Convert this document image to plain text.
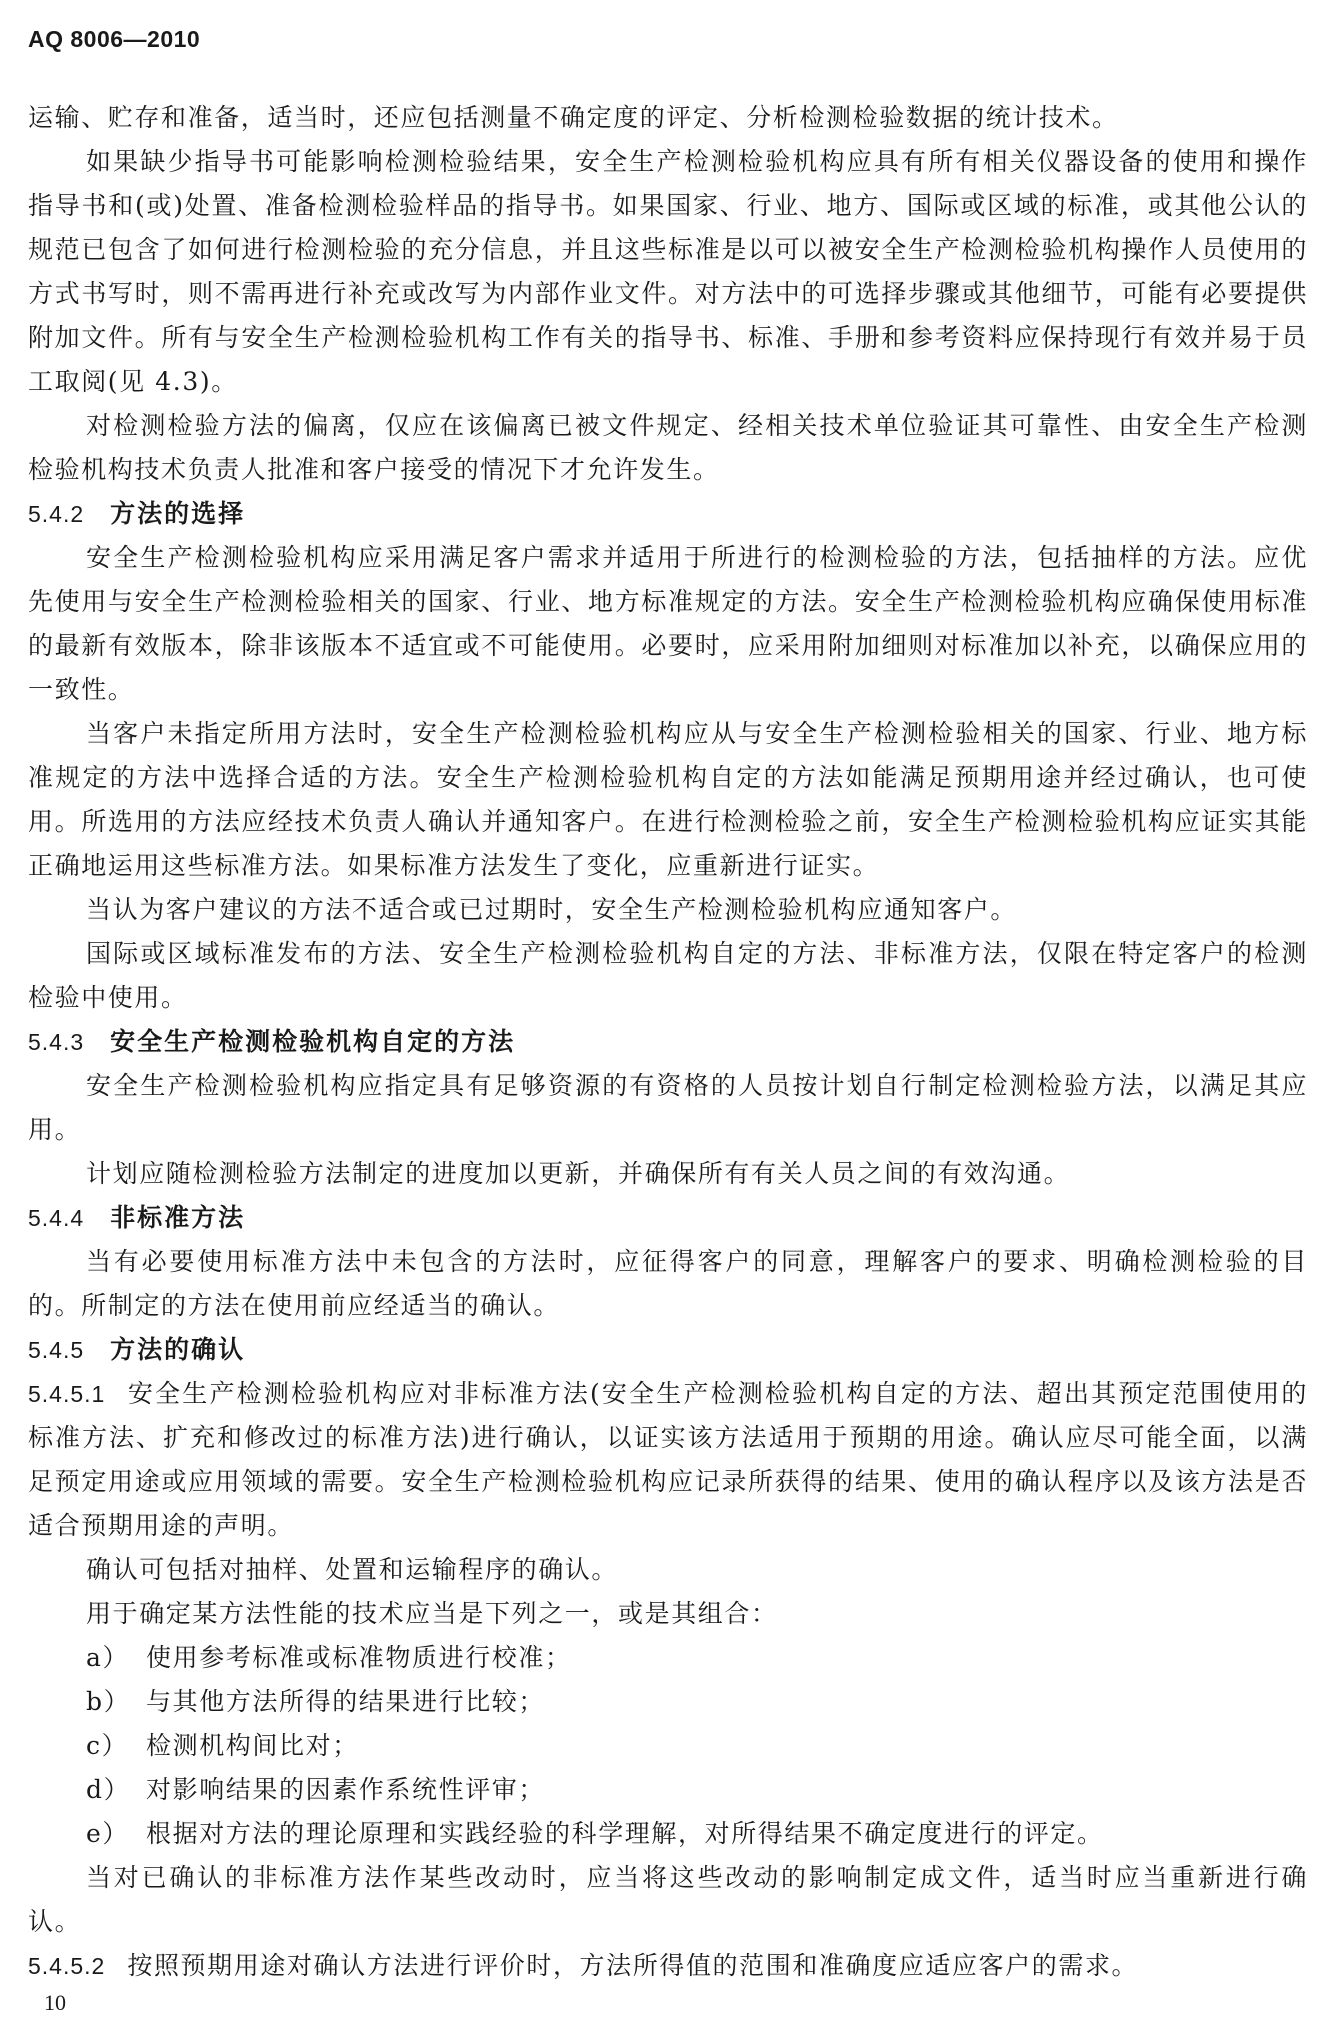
AQ 8006—2010

运输、贮存和准备，适当时，还应包括测量不确定度的评定、分析检测检验数据的统计技术。

如果缺少指导书可能影响检测检验结果，安全生产检测检验机构应具有所有相关仪器设备的使用和操作指导书和(或)处置、准备检测检验样品的指导书。如果国家、行业、地方、国际或区域的标准，或其他公认的规范已包含了如何进行检测检验的充分信息，并且这些标准是以可以被安全生产检测检验机构操作人员使用的方式书写时，则不需再进行补充或改写为内部作业文件。对方法中的可选择步骤或其他细节，可能有必要提供附加文件。所有与安全生产检测检验机构工作有关的指导书、标准、手册和参考资料应保持现行有效并易于员工取阅(见 4.3)。

对检测检验方法的偏离，仅应在该偏离已被文件规定、经相关技术单位验证其可靠性、由安全生产检测检验机构技术负责人批准和客户接受的情况下才允许发生。

5.4.2 方法的选择

安全生产检测检验机构应采用满足客户需求并适用于所进行的检测检验的方法，包括抽样的方法。应优先使用与安全生产检测检验相关的国家、行业、地方标准规定的方法。安全生产检测检验机构应确保使用标准的最新有效版本，除非该版本不适宜或不可能使用。必要时，应采用附加细则对标准加以补充，以确保应用的一致性。

当客户未指定所用方法时，安全生产检测检验机构应从与安全生产检测检验相关的国家、行业、地方标准规定的方法中选择合适的方法。安全生产检测检验机构自定的方法如能满足预期用途并经过确认，也可使用。所选用的方法应经技术负责人确认并通知客户。在进行检测检验之前，安全生产检测检验机构应证实其能正确地运用这些标准方法。如果标准方法发生了变化，应重新进行证实。

当认为客户建议的方法不适合或已过期时，安全生产检测检验机构应通知客户。

国际或区域标准发布的方法、安全生产检测检验机构自定的方法、非标准方法，仅限在特定客户的检测检验中使用。

5.4.3 安全生产检测检验机构自定的方法

安全生产检测检验机构应指定具有足够资源的有资格的人员按计划自行制定检测检验方法，以满足其应用。

计划应随检测检验方法制定的进度加以更新，并确保所有有关人员之间的有效沟通。

5.4.4 非标准方法

当有必要使用标准方法中未包含的方法时，应征得客户的同意，理解客户的要求、明确检测检验的目的。所制定的方法在使用前应经适当的确认。

5.4.5 方法的确认

5.4.5.1 安全生产检测检验机构应对非标准方法(安全生产检测检验机构自定的方法、超出其预定范围使用的标准方法、扩充和修改过的标准方法)进行确认，以证实该方法适用于预期的用途。确认应尽可能全面，以满足预定用途或应用领域的需要。安全生产检测检验机构应记录所获得的结果、使用的确认程序以及该方法是否适合预期用途的声明。

确认可包括对抽样、处置和运输程序的确认。

用于确定某方法性能的技术应当是下列之一，或是其组合：

a） 使用参考标准或标准物质进行校准；
b） 与其他方法所得的结果进行比较；
c） 检测机构间比对；
d） 对影响结果的因素作系统性评审；
e） 根据对方法的理论原理和实践经验的科学理解，对所得结果不确定度进行的评定。

当对已确认的非标准方法作某些改动时，应当将这些改动的影响制定成文件，适当时应当重新进行确认。

5.4.5.2 按照预期用途对确认方法进行评价时，方法所得值的范围和准确度应适应客户的需求。

10
